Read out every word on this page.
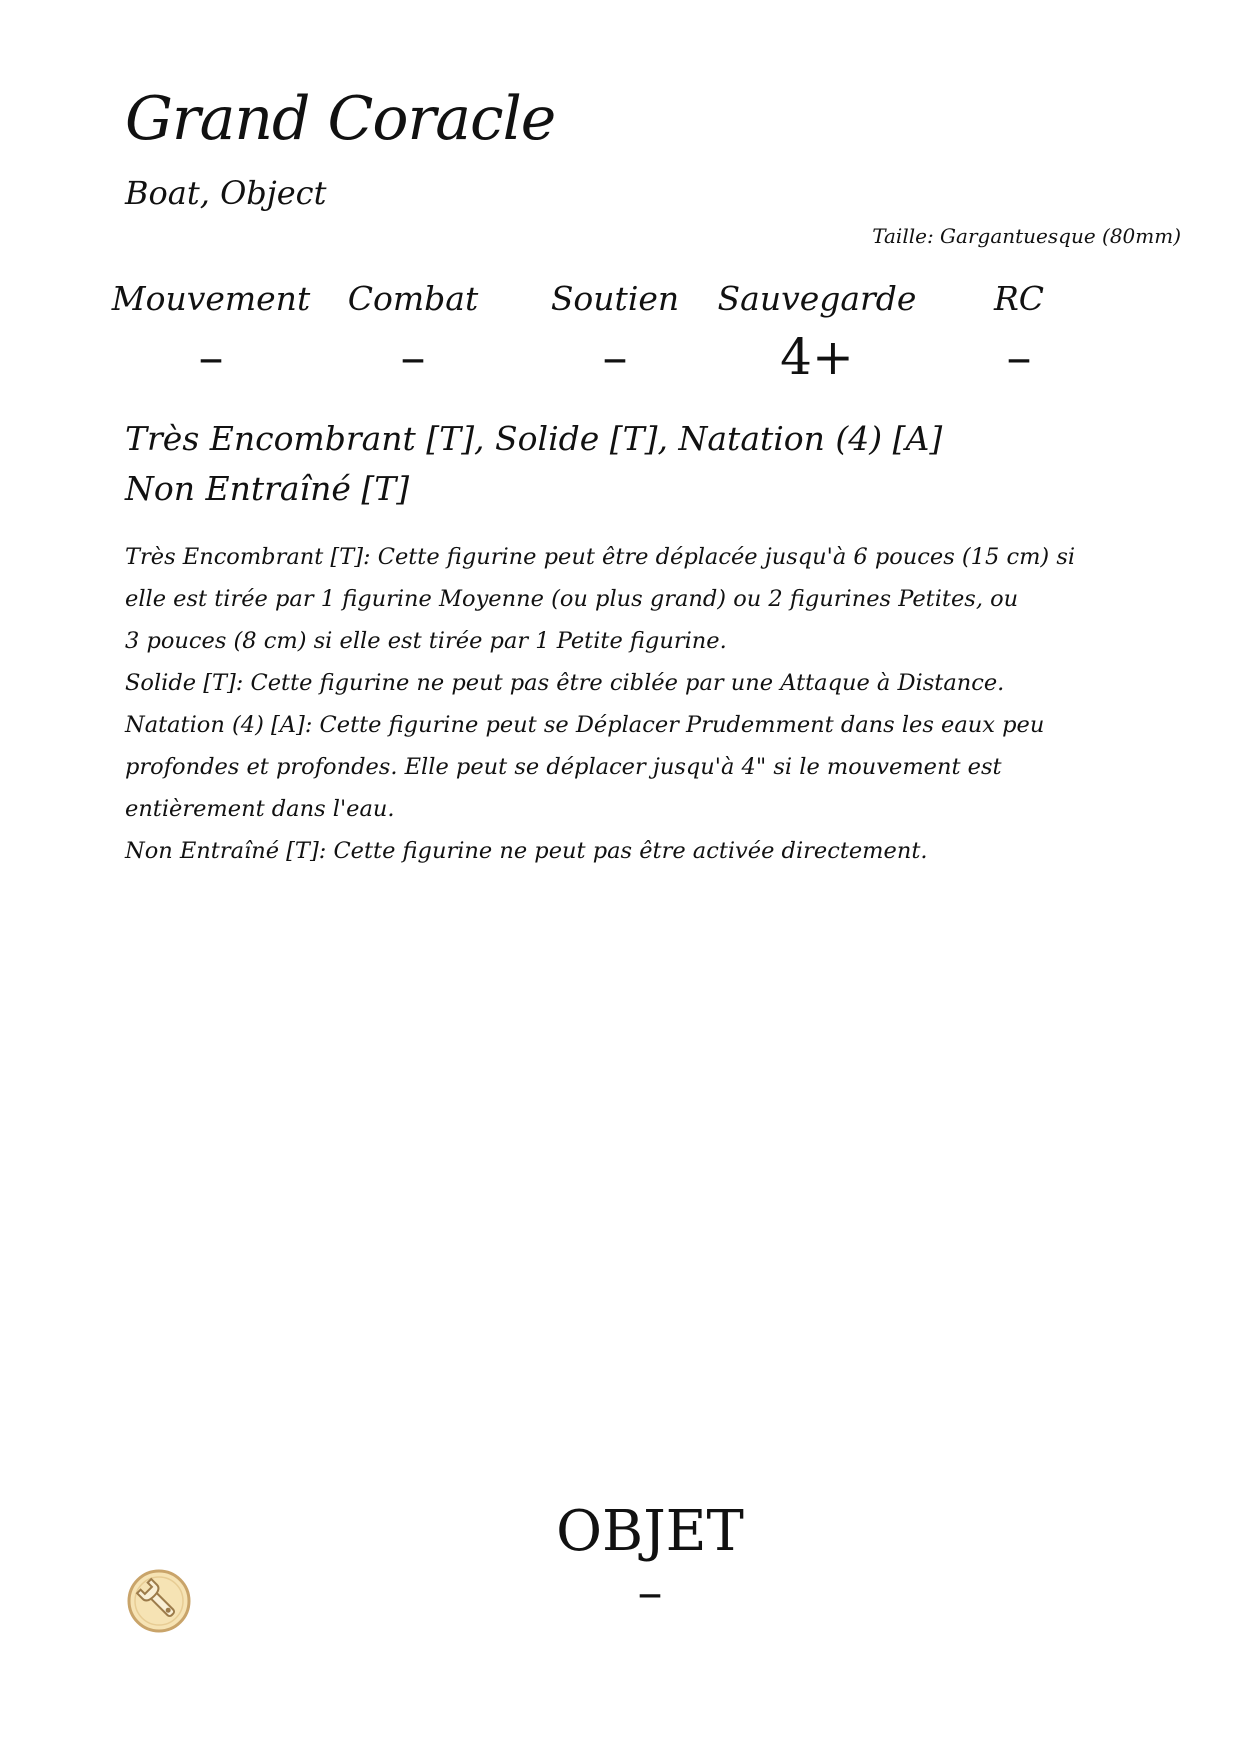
Grand Coracle
Boat, Object
Taille: Gargantuesque (80mm)
Mouvement
–
Combat
–
Soutien
–
Sauvegarde
4+
RC
–
Très Encombrant [T], Solide [T], Natation (4) [A]
Non Entraîné [T]

Très Encombrant [T]: Cette figurine peut être déplacée jusqu'à 6 pouces (15 cm) si

elle est tirée par 1 figurine Moyenne (ou plus grand) ou 2 figurines Petites, ou

3 pouces (8 cm) si elle est tirée par 1 Petite figurine.

Solide [T]: Cette figurine ne peut pas être ciblée par une Attaque à Distance.

Natation (4) [A]: Cette figurine peut se Déplacer Prudemment dans les eaux peu

profondes et profondes. Elle peut se déplacer jusqu'à 4" si le mouvement est

entièrement dans l'eau.

Non Entraîné [T]: Cette figurine ne peut pas être activée directement.

OBJET
–
